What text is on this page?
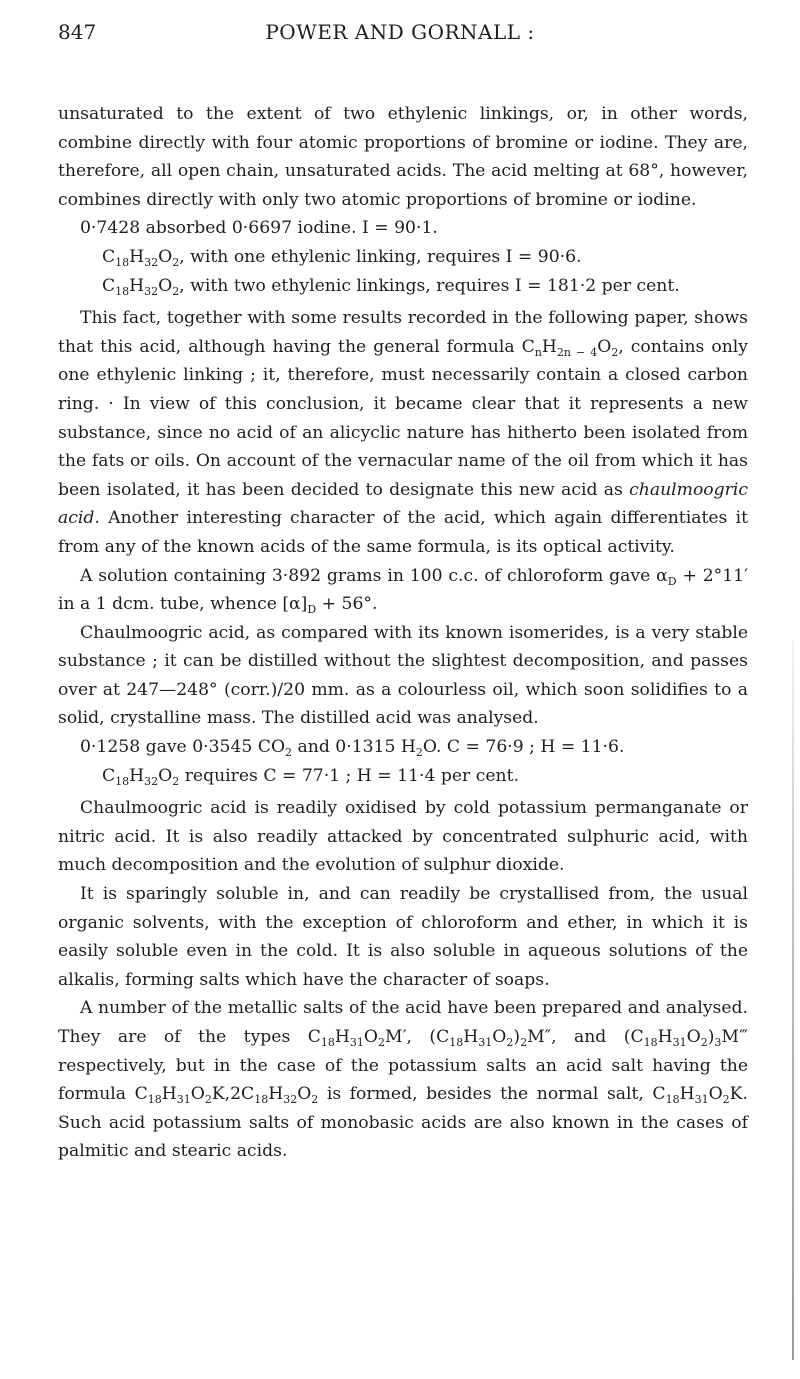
847	POWER AND GORNALL :

unsaturated to the extent of two ethylenic linkings, or, in other words, combine directly with four atomic proportions of bromine or iodine. They are, therefore, all open chain, unsaturated acids. The acid melting at 68°, however, combines directly with only two atomic proportions of bromine or iodine.

0·7428 absorbed 0·6697 iodine. I = 90·1.

$C_{18}H_{32}O_2$, with one ethylenic linking, requires I = 90·6.

$C_{18}H_{32}O_2$, with two ethylenic linkings, requires I = 181·2 per cent.

This fact, together with some results recorded in the following paper, shows that this acid, although having the general formula $C_nH_{2n - 4}O_2$, contains only one ethylenic linking ; it, therefore, must necessarily contain a closed carbon ring. · In view of this conclusion, it became clear that it represents a new substance, since no acid of an alicyclic nature has hitherto been isolated from the fats or oils. On account of the vernacular name of the oil from which it has been isolated, it has been decided to designate this new acid as chaulmoogric acid. Another interesting character of the acid, which again differentiates it from any of the known acids of the same formula, is its optical activity.

A solution containing 3·892 grams in 100 c.c. of chloroform gave $\alpha_D + 2^\circ 11'$ in a 1 dcm. tube, whence $[\alpha]_D + 56^\circ$.

Chaulmoogric acid, as compared with its known isomerides, is a very stable substance ; it can be distilled without the slightest decomposition, and passes over at 247—248° (corr.)/20 mm. as a colourless oil, which soon solidifies to a solid, crystalline mass. The distilled acid was analysed.

0·1258 gave 0·3545 $CO_2$ and 0·1315 $H_2O$. C = 76·9 ; H = 11·6.

$C_{18}H_{32}O_2$ requires C = 77·1 ; H = 11·4 per cent.

Chaulmoogric acid is readily oxidised by cold potassium permanganate or nitric acid. It is also readily attacked by concentrated sulphuric acid, with much decomposition and the evolution of sulphur dioxide.

It is sparingly soluble in, and can readily be crystallised from, the usual organic solvents, with the exception of chloroform and ether, in which it is easily soluble even in the cold. It is also soluble in aqueous solutions of the alkalis, forming salts which have the character of soaps.

A number of the metallic salts of the acid have been prepared and analysed. They are of the types $C_{18}H_{31}O_2M'$, $(C_{18}H_{31}O_2)_2M''$, and $(C_{18}H_{31}O_2)_3M‴$ respectively, but in the case of the potassium salts an acid salt having the formula $C_{18}H_{31}O_2K,2C_{18}H_{32}O_2$ is formed, besides the normal salt, $C_{18}H_{31}O_2K$. Such acid potassium salts of monobasic acids are also known in the cases of palmitic and stearic acids.
